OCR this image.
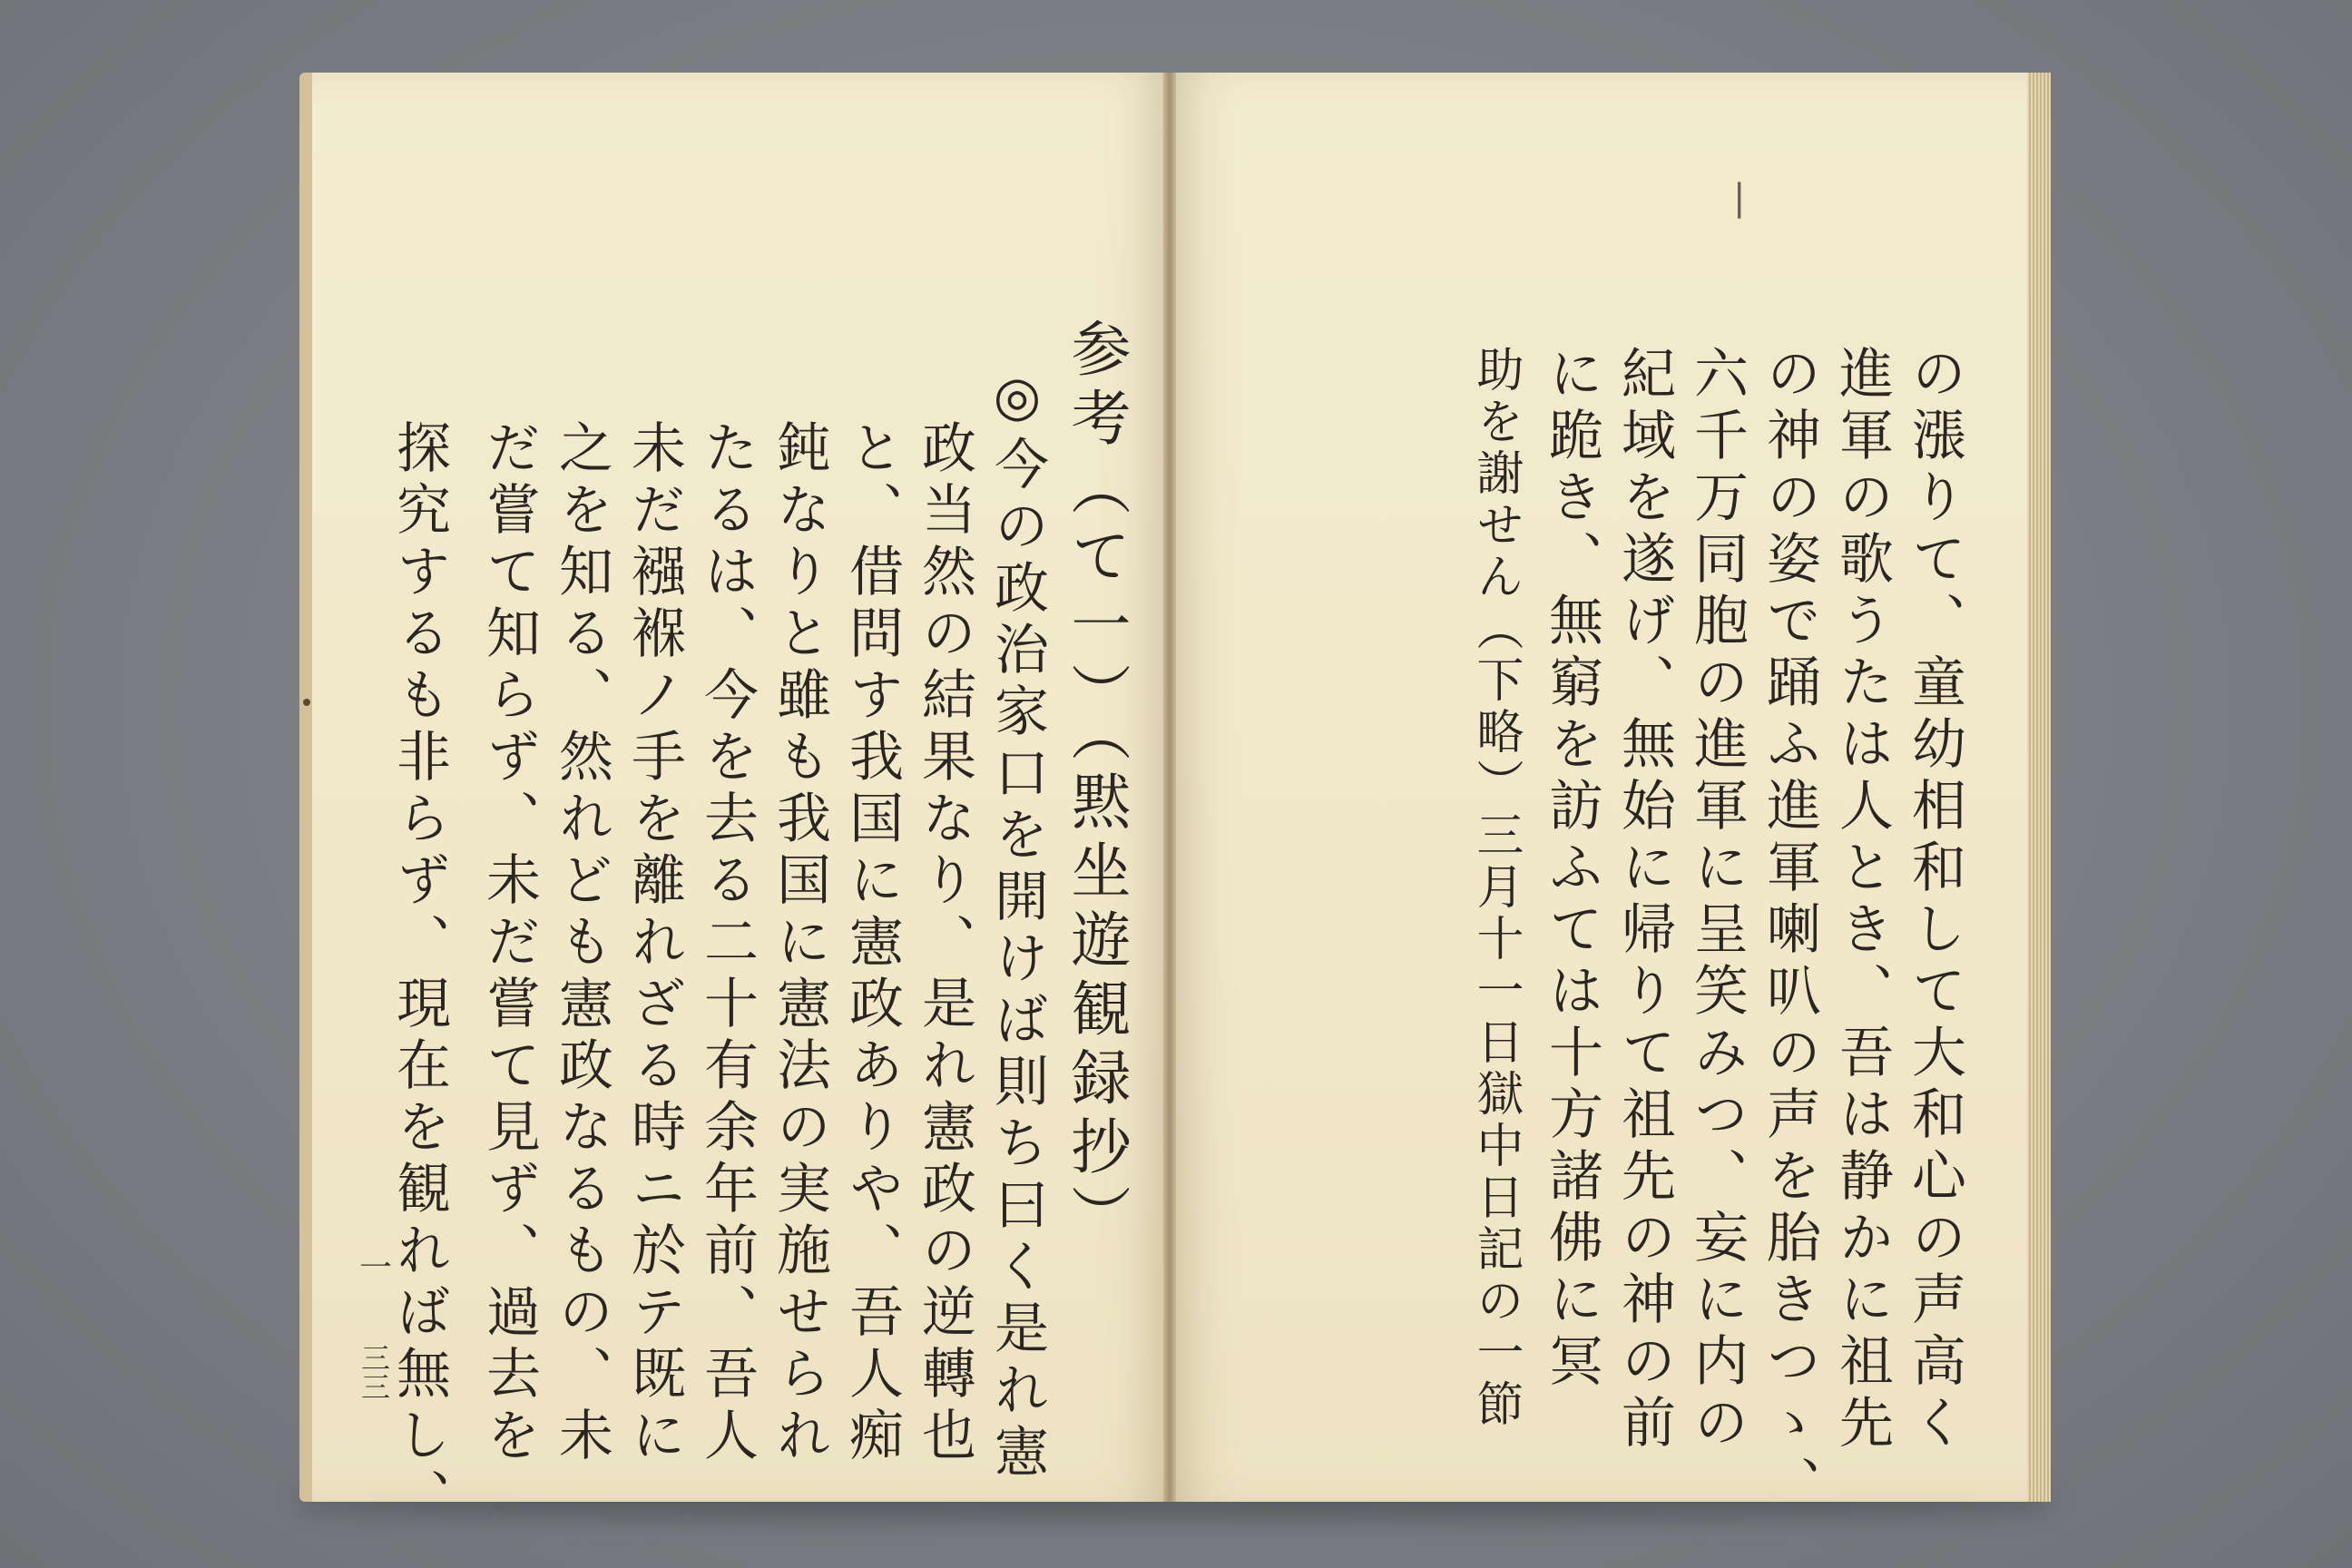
参考（て一）（黙坐遊観録抄）
◎今の政治家口を開けば則ち曰く是れ憲
政当然の結果なり、是れ憲政の逆轉也
と、借問す我国に憲政ありや、吾人痴
鈍なりと雖も我国に憲法の実施せられ
たるは、今を去る二十有余年前、吾人
未だ襁褓ノ手を離れざる時ニ於テ既に
之を知る、然れども憲政なるもの、未
だ嘗て知らず、未だ嘗て見ず、過去を
探究するも非らず、現在を観れば無し、
一
三三	の漲りて、童幼相和して大和心の声高く
進軍の歌うたは人とき、吾は静かに祖先
の神の姿で踊ふ進軍喇叭の声を胎きつゝ、
六千万同胞の進軍に呈笑みつ、妄に内の
紀域を遂げ、無始に帰りて祖先の神の前
に跪き、無窮を訪ふては十方諸佛に冥
助を謝せん（下略）三月十一日獄中日記の一節
|
